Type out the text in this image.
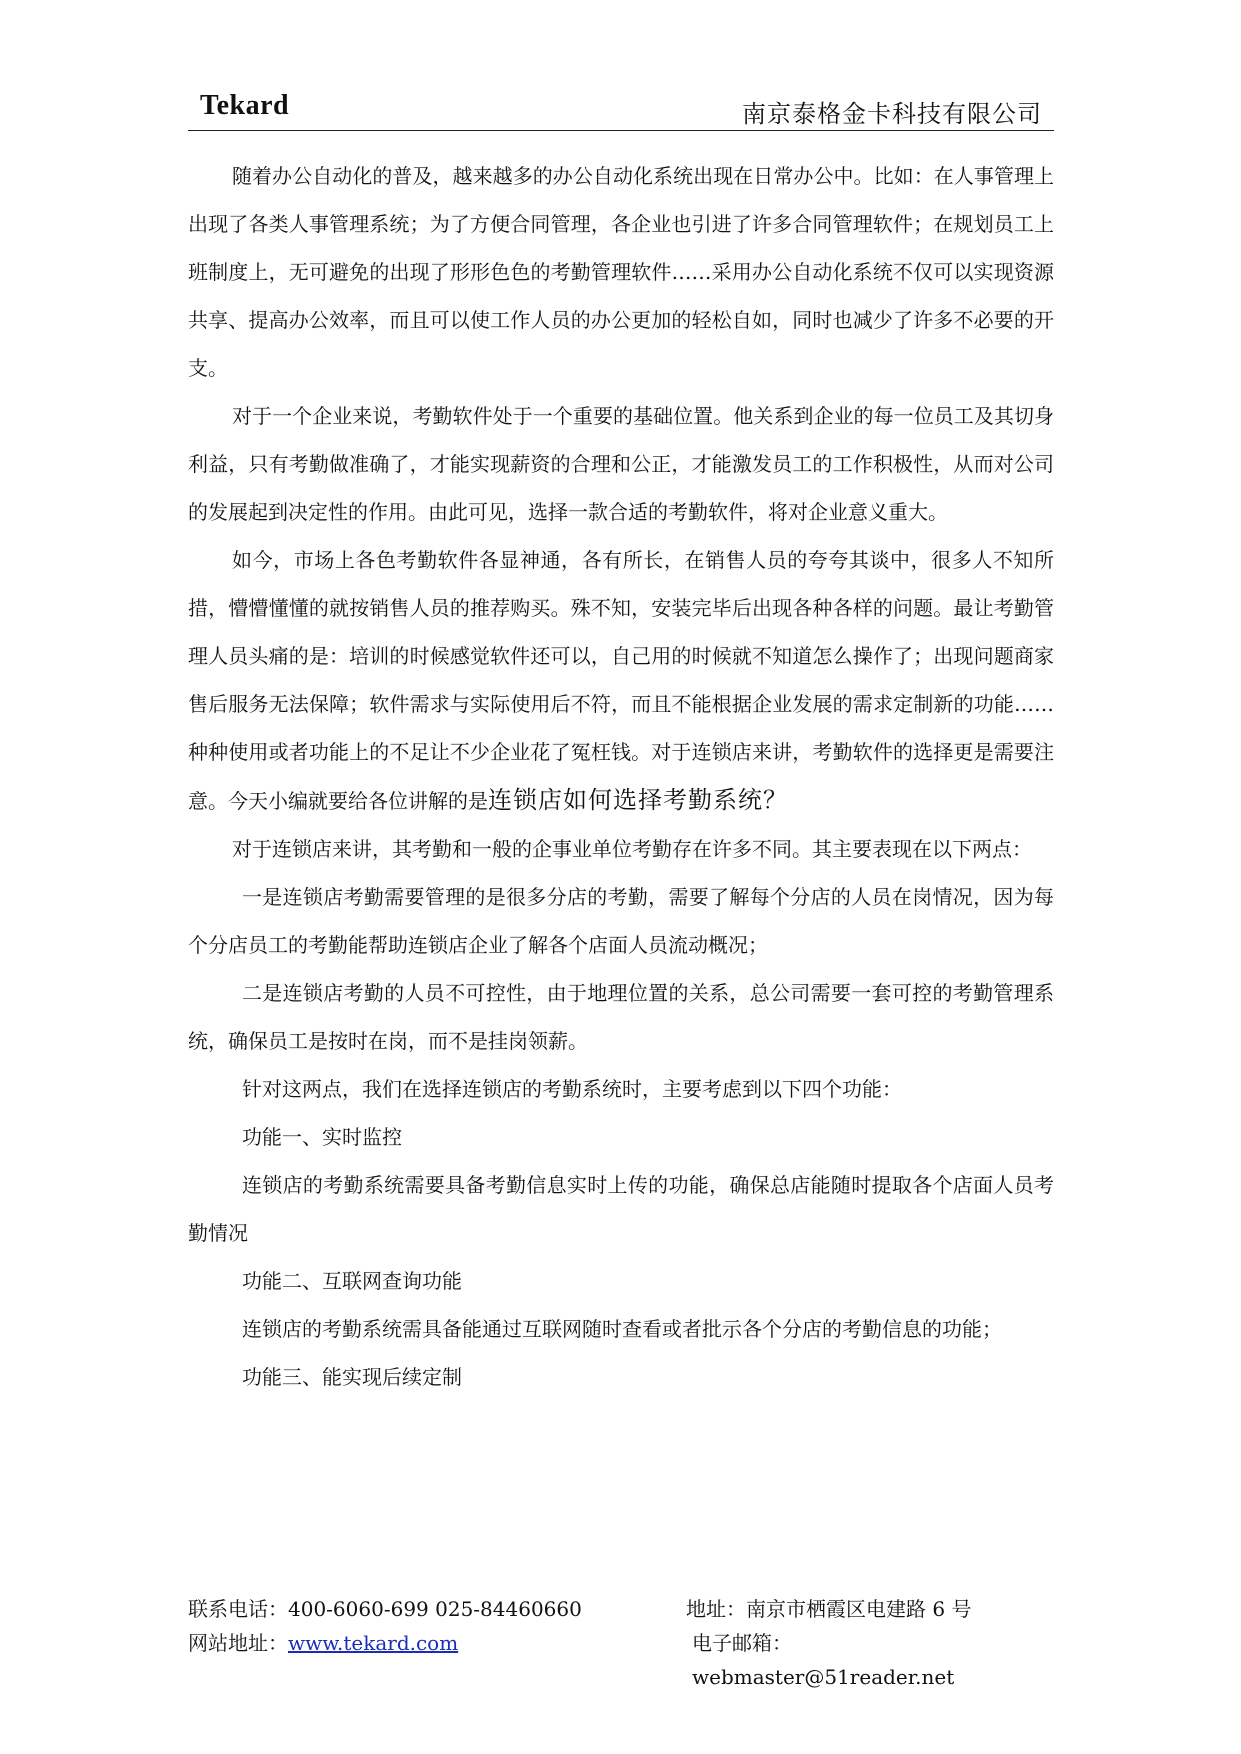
Tekard	南京泰格金卡科技有限公司

随着办公自动化的普及，越来越多的办公自动化系统出现在日常办公中。比如：在人事管理上出现了各类人事管理系统；为了方便合同管理，各企业也引进了许多合同管理软件；在规划员工上班制度上，无可避免的出现了形形色色的考勤管理软件……采用办公自动化系统不仅可以实现资源共享、提高办公效率，而且可以使工作人员的办公更加的轻松自如，同时也减少了许多不必要的开支。

对于一个企业来说，考勤软件处于一个重要的基础位置。他关系到企业的每一位员工及其切身利益，只有考勤做准确了，才能实现薪资的合理和公正，才能激发员工的工作积极性，从而对公司的发展起到决定性的作用。由此可见，选择一款合适的考勤软件，将对企业意义重大。

如今，市场上各色考勤软件各显神通，各有所长，在销售人员的夸夸其谈中，很多人不知所措，懵懵懂懂的就按销售人员的推荐购买。殊不知，安装完毕后出现各种各样的问题。最让考勤管理人员头痛的是：培训的时候感觉软件还可以，自己用的时候就不知道怎么操作了；出现问题商家售后服务无法保障；软件需求与实际使用后不符，而且不能根据企业发展的需求定制新的功能……种种使用或者功能上的不足让不少企业花了冤枉钱。对于连锁店来讲，考勤软件的选择更是需要注意。今天小编就要给各位讲解的是连锁店如何选择考勤系统？

对于连锁店来讲，其考勤和一般的企事业单位考勤存在许多不同。其主要表现在以下两点：

一是连锁店考勤需要管理的是很多分店的考勤，需要了解每个分店的人员在岗情况，因为每个分店员工的考勤能帮助连锁店企业了解各个店面人员流动概况；

二是连锁店考勤的人员不可控性，由于地理位置的关系，总公司需要一套可控的考勤管理系统，确保员工是按时在岗，而不是挂岗领薪。

针对这两点，我们在选择连锁店的考勤系统时，主要考虑到以下四个功能：

功能一、实时监控

连锁店的考勤系统需要具备考勤信息实时上传的功能，确保总店能随时提取各个店面人员考勤情况

功能二、互联网查询功能

连锁店的考勤系统需具备能通过互联网随时查看或者批示各个分店的考勤信息的功能；

功能三、能实现后续定制

联系电话：400-6060-699 025-84460660	地址：南京市栖霞区电建路 6 号
网站地址：www.tekard.com	电子邮箱：webmaster@51reader.net
